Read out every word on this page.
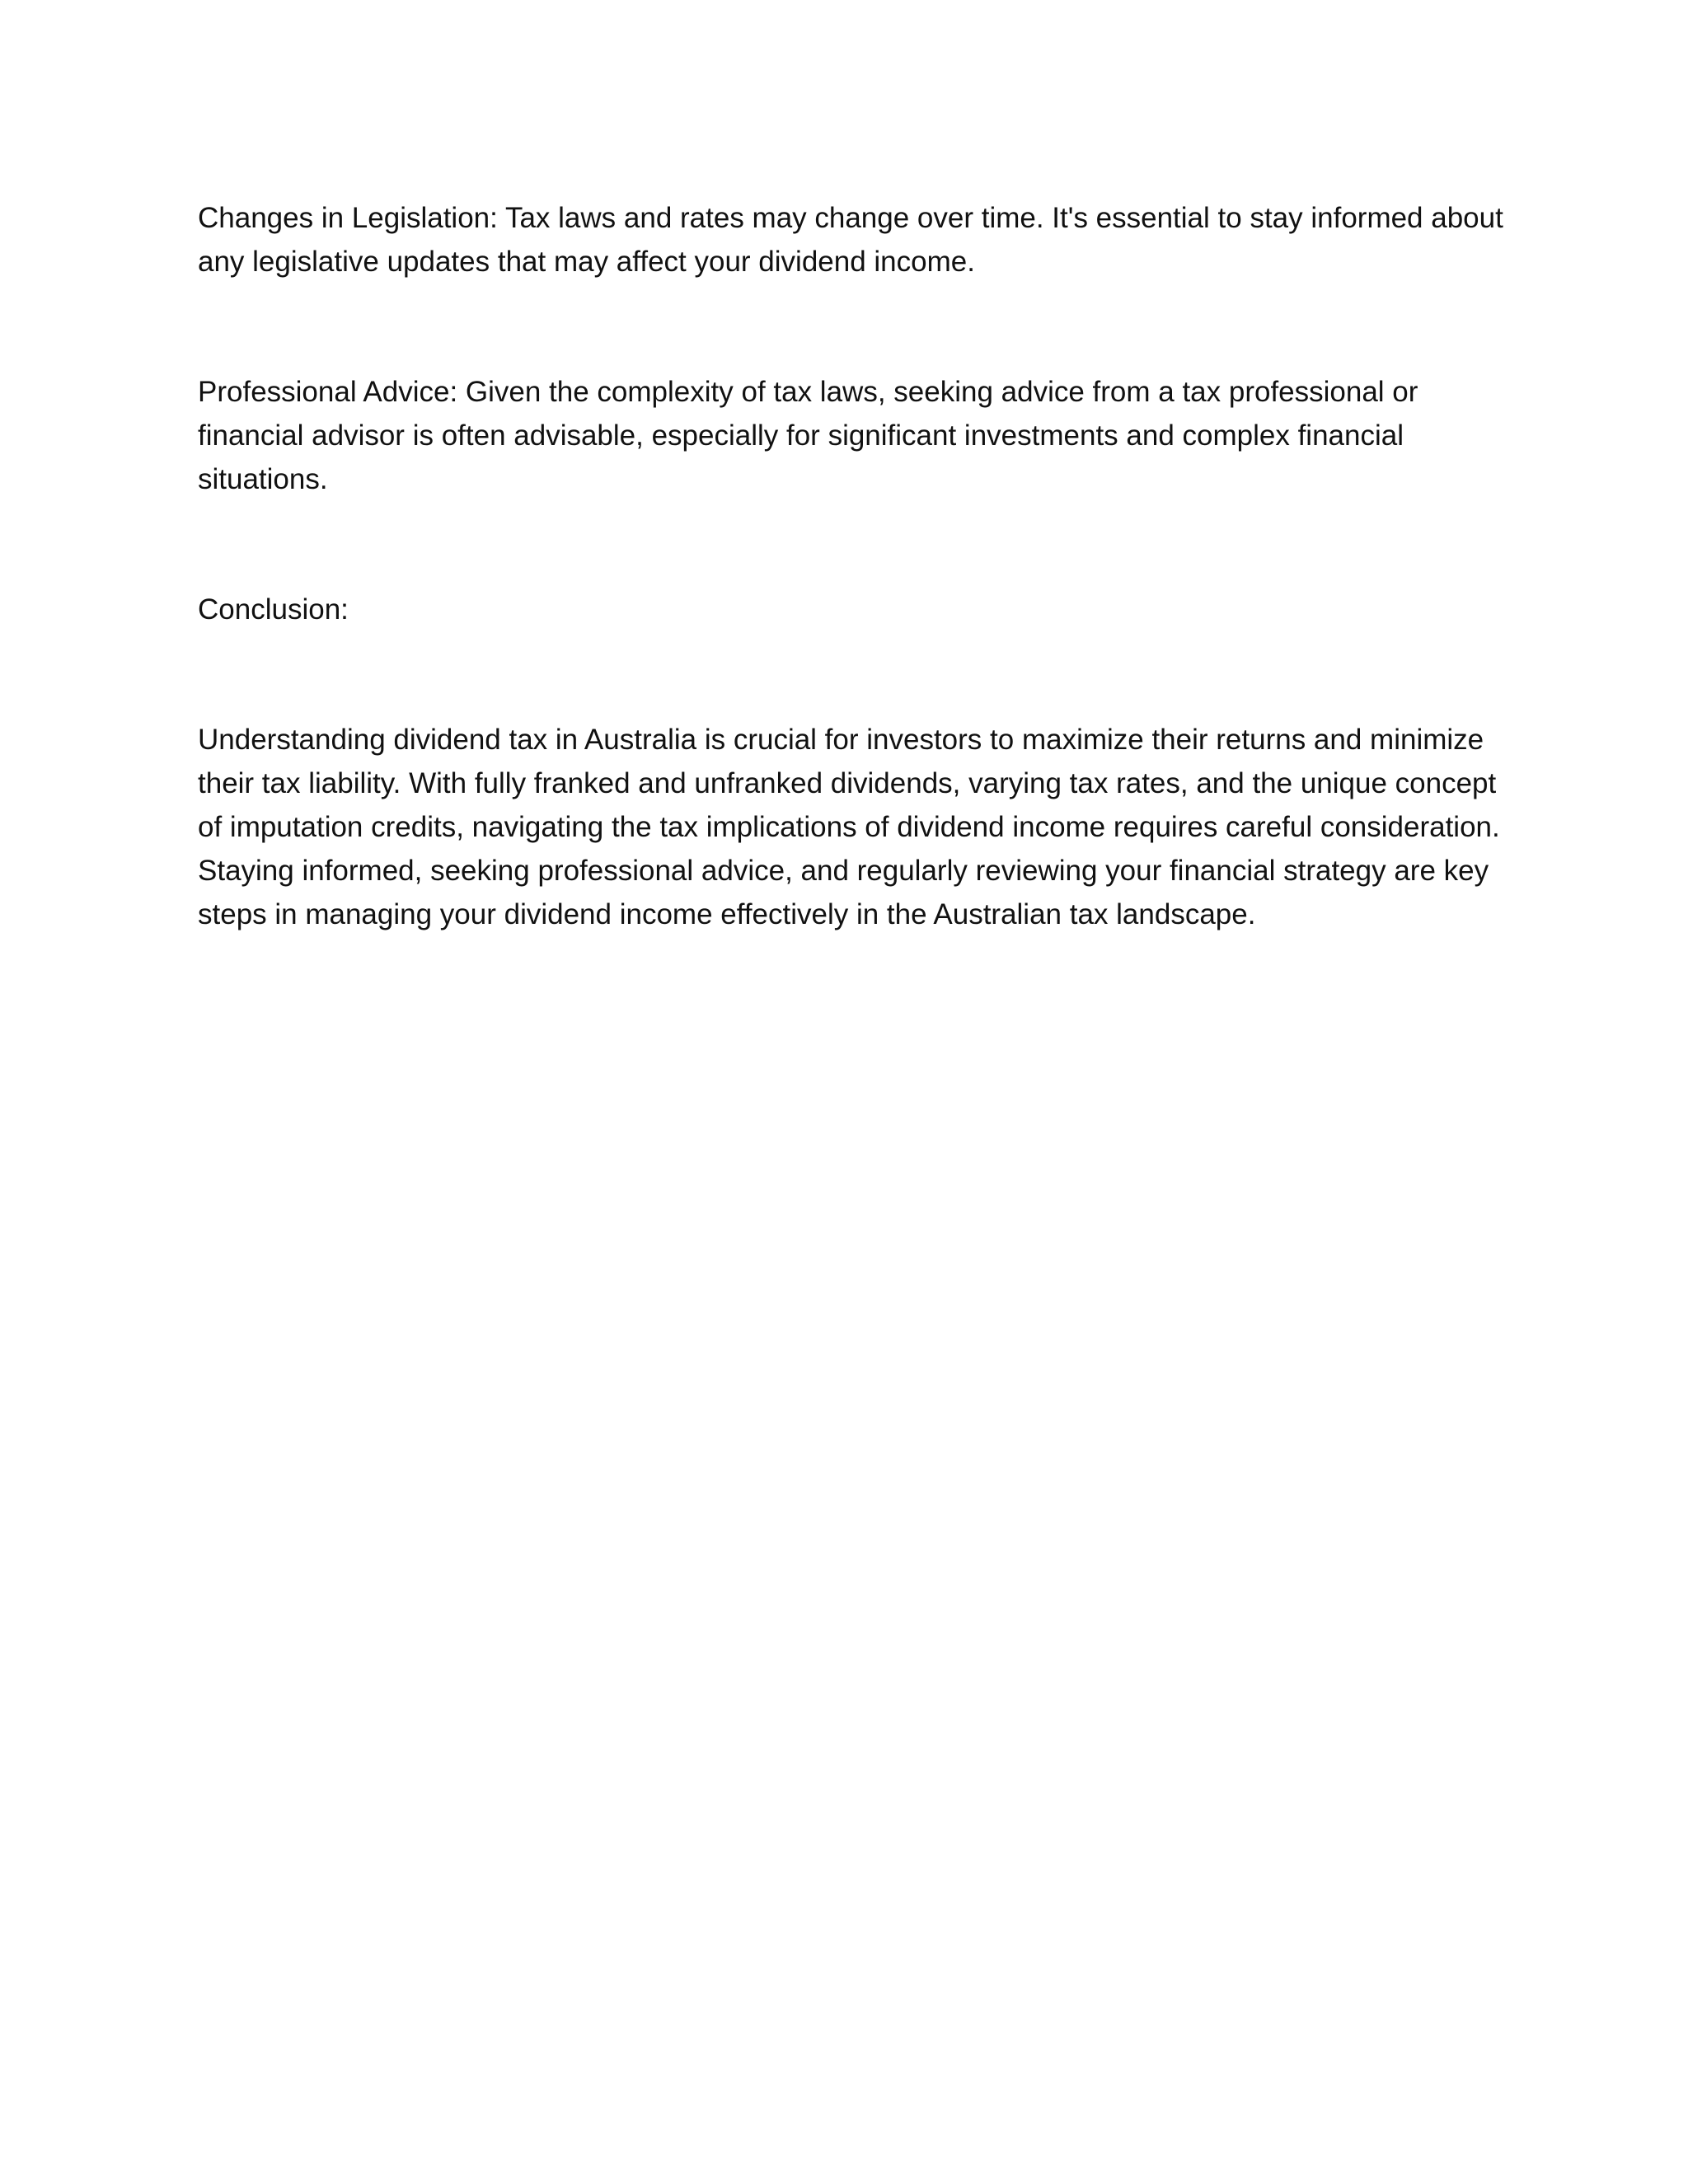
Changes in Legislation: Tax laws and rates may change over time. It's essential to stay informed about any legislative updates that may affect your dividend income.

Professional Advice: Given the complexity of tax laws, seeking advice from a tax professional or financial advisor is often advisable, especially for significant investments and complex financial situations.

Conclusion:

Understanding dividend tax in Australia is crucial for investors to maximize their returns and minimize their tax liability. With fully franked and unfranked dividends, varying tax rates, and the unique concept of imputation credits, navigating the tax implications of dividend income requires careful consideration. Staying informed, seeking professional advice, and regularly reviewing your financial strategy are key steps in managing your dividend income effectively in the Australian tax landscape.
